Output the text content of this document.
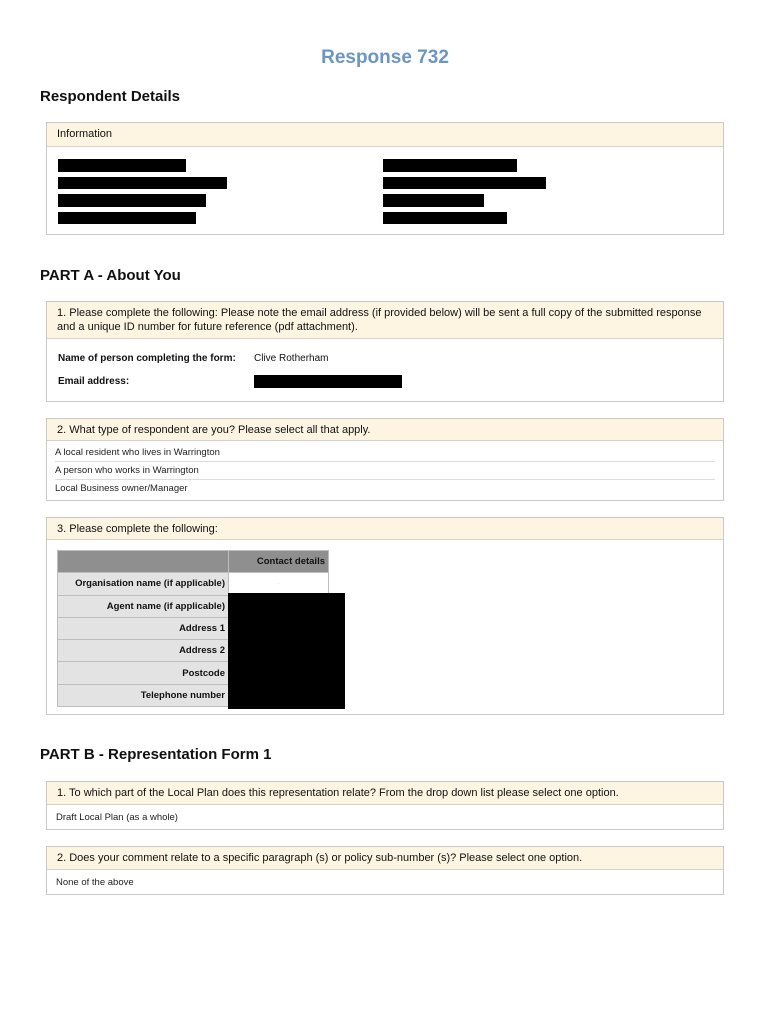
Response 732
Respondent Details
Information
PART A - About You
1. Please complete the following: Please note the email address (if provided below) will be sent a full copy of the submitted response and a unique ID number for future reference (pdf attachment).
Name of person completing the form: Clive Rotherham
Email address:
2. What type of respondent are you? Please select all that apply.
A local resident who lives in Warrington
A person who works in Warrington
Local Business owner/Manager
3. Please complete the following:
	Contact details
Organisation name (if applicable)	-
Agent name (if applicable)	
Address 1	
Address 2	
Postcode	
Telephone number	
PART B - Representation Form 1
1. To which part of the Local Plan does this representation relate? From the drop down list please select one option.
Draft Local Plan (as a whole)
2. Does your comment relate to a specific paragraph (s) or policy sub-number (s)? Please select one option.
None of the above
